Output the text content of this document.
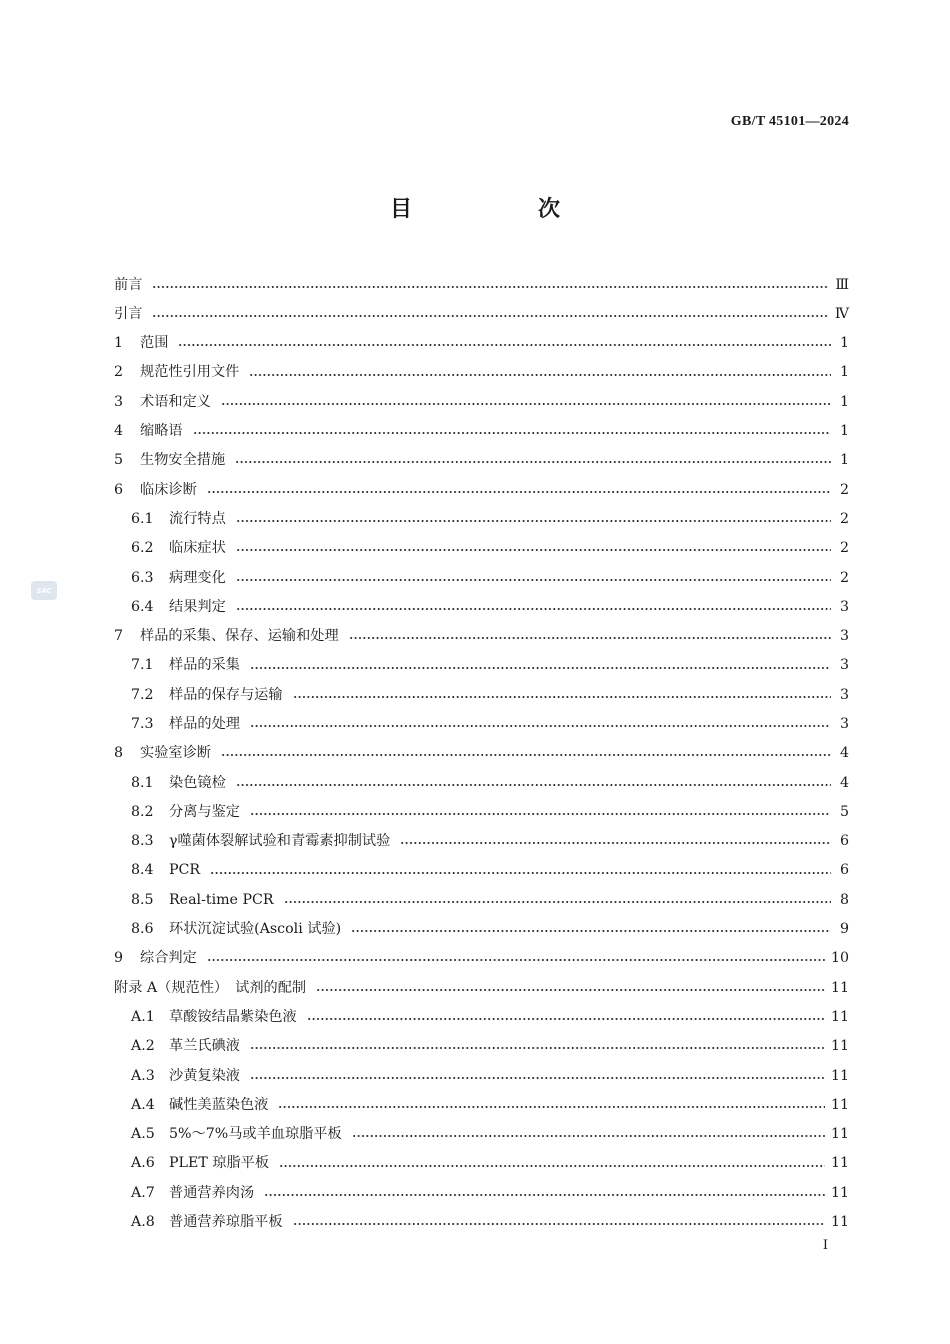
GB/T 45101—2024
目　次
前言	Ⅲ
引言	Ⅳ
1	范围	1
2	规范性引用文件	1
3	术语和定义	1
4	缩略语	1
5	生物安全措施	1
6	临床诊断	2
6.1	流行特点	2
6.2	临床症状	2
6.3	病理变化	2
6.4	结果判定	3
7	样品的采集、保存、运输和处理	3
7.1	样品的采集	3
7.2	样品的保存与运输	3
7.3	样品的处理	3
8	实验室诊断	4
8.1	染色镜检	4
8.2	分离与鉴定	5
8.3	γ噬菌体裂解试验和青霉素抑制试验	6
8.4	PCR	6
8.5	Real-time PCR	8
8.6	环状沉淀试验(Ascoli 试验)	9
9	综合判定	10
附录 A（规范性）　试剂的配制	11
A.1	草酸铵结晶紫染色液	11
A.2	革兰氏碘液	11
A.3	沙黄复染液	11
A.4	碱性美蓝染色液	11
A.5	5%～7%马或羊血琼脂平板	11
A.6	PLET 琼脂平板	11
A.7	普通营养肉汤	11
A.8	普通营养琼脂平板	11
SAC
I
